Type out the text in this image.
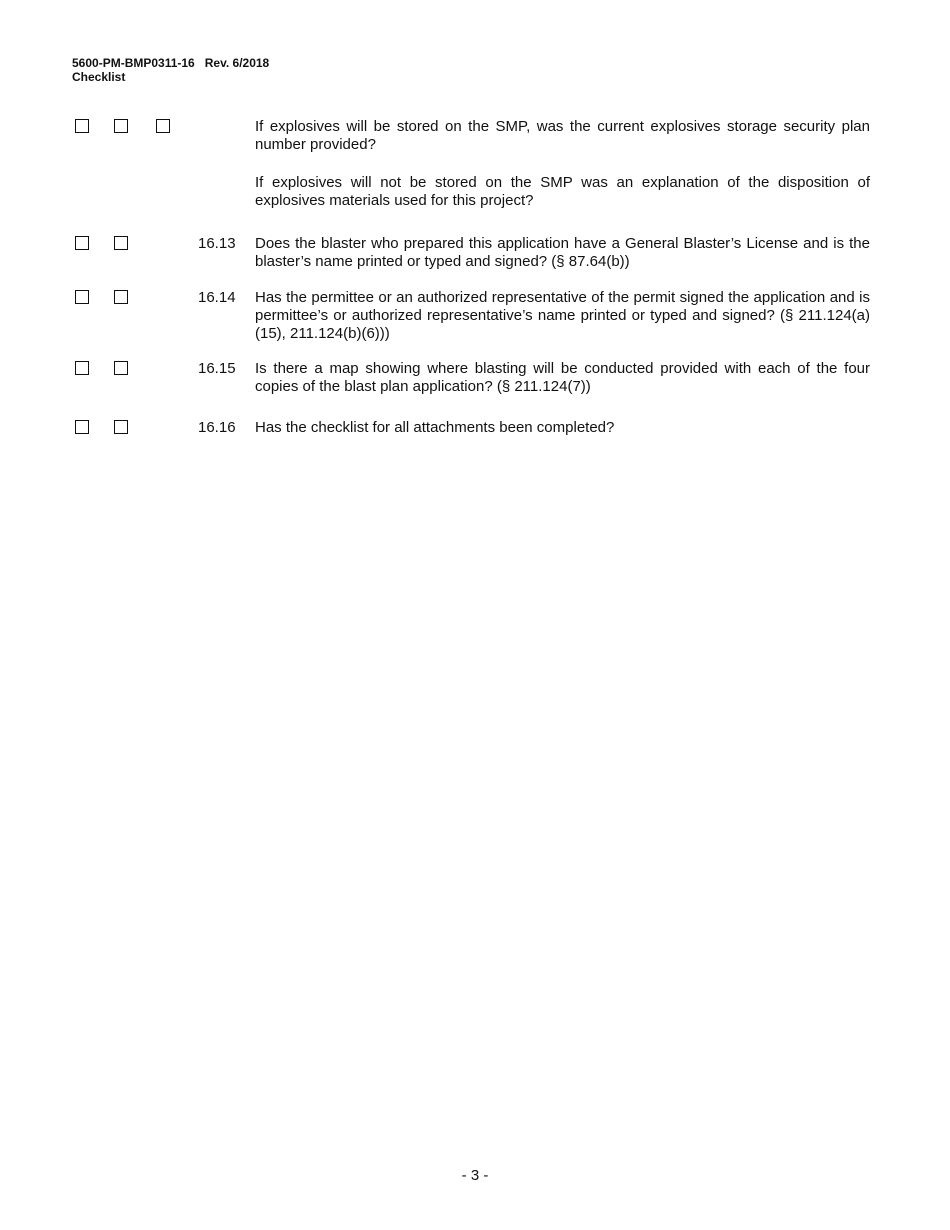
5600-PM-BMP0311-16 Rev. 6/2018
Checklist
If explosives will be stored on the SMP, was the current explosives storage security plan number provided?
If explosives will not be stored on the SMP was an explanation of the disposition of explosives materials used for this project?
16.13 Does the blaster who prepared this application have a General Blaster’s License and is the blaster’s name printed or typed and signed? (§ 87.64(b))
16.14 Has the permittee or an authorized representative of the permit signed the application and is permittee’s or authorized representative’s name printed or typed and signed? (§ 211.124(a)(15), 211.124(b)(6)))
16.15 Is there a map showing where blasting will be conducted provided with each of the four copies of the blast plan application? (§ 211.124(7))
16.16 Has the checklist for all attachments been completed?
- 3 -
